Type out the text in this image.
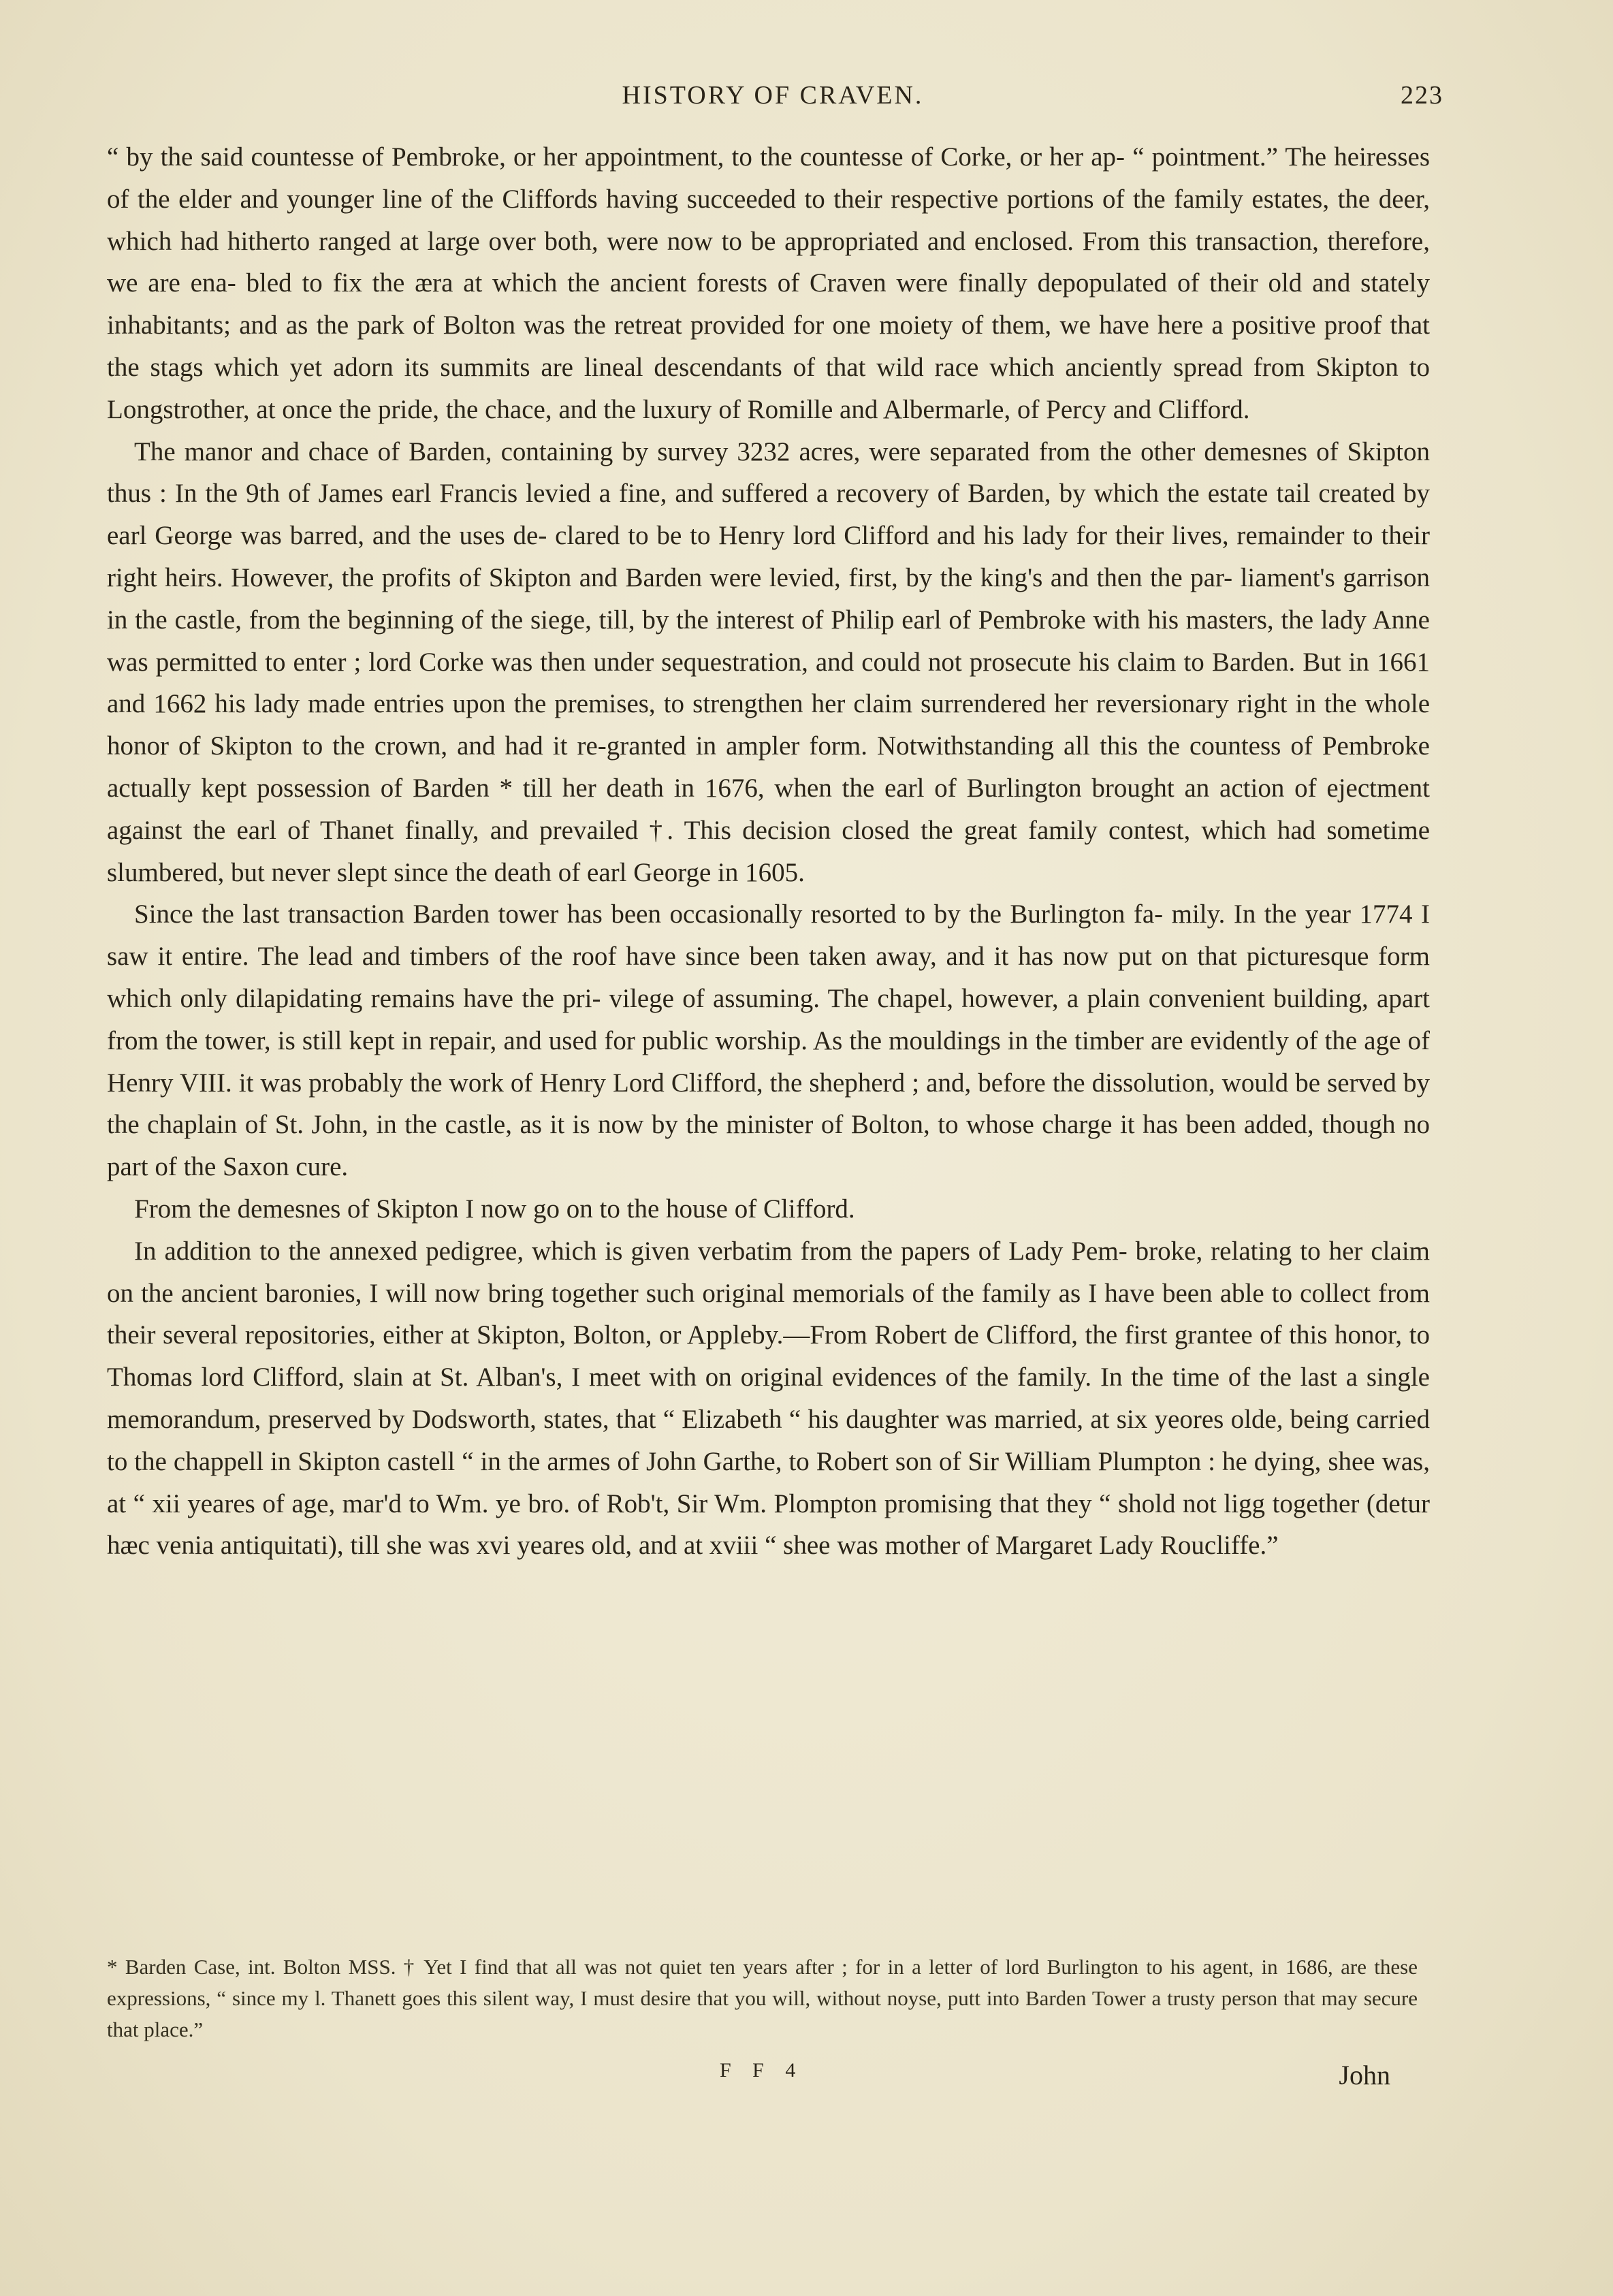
HISTORY OF CRAVEN.	223

“ by the said countesse of Pembroke, or her appointment, to the countesse of Corke, or her ap- “ pointment.” The heiresses of the elder and younger line of the Cliffords having succeeded to their respective portions of the family estates, the deer, which had hitherto ranged at large over both, were now to be appropriated and enclosed. From this transaction, therefore, we are ena- bled to fix the æra at which the ancient forests of Craven were finally depopulated of their old and stately inhabitants; and as the park of Bolton was the retreat provided for one moiety of them, we have here a positive proof that the stags which yet adorn its summits are lineal descendants of that wild race which anciently spread from Skipton to Longstrother, at once the pride, the chace, and the luxury of Romille and Albermarle, of Percy and Clifford.

The manor and chace of Barden, containing by survey 3232 acres, were separated from the other demesnes of Skipton thus : In the 9th of James earl Francis levied a fine, and suffered a recovery of Barden, by which the estate tail created by earl George was barred, and the uses de- clared to be to Henry lord Clifford and his lady for their lives, remainder to their right heirs. However, the profits of Skipton and Barden were levied, first, by the king's and then the par- liament's garrison in the castle, from the beginning of the siege, till, by the interest of Philip earl of Pembroke with his masters, the lady Anne was permitted to enter ; lord Corke was then under sequestration, and could not prosecute his claim to Barden. But in 1661 and 1662 his lady made entries upon the premises, to strengthen her claim surrendered her reversionary right in the whole honor of Skipton to the crown, and had it re-granted in ampler form. Notwithstanding all this the countess of Pembroke actually kept possession of Barden * till her death in 1676, when the earl of Burlington brought an action of ejectment against the earl of Thanet finally, and prevailed †. This decision closed the great family contest, which had sometime slumbered, but never slept since the death of earl George in 1605.

Since the last transaction Barden tower has been occasionally resorted to by the Burlington fa- mily. In the year 1774 I saw it entire. The lead and timbers of the roof have since been taken away, and it has now put on that picturesque form which only dilapidating remains have the pri- vilege of assuming. The chapel, however, a plain convenient building, apart from the tower, is still kept in repair, and used for public worship. As the mouldings in the timber are evidently of the age of Henry VIII. it was probably the work of Henry Lord Clifford, the shepherd ; and, before the dissolution, would be served by the chaplain of St. John, in the castle, as it is now by the minister of Bolton, to whose charge it has been added, though no part of the Saxon cure.

From the demesnes of Skipton I now go on to the house of Clifford.

In addition to the annexed pedigree, which is given verbatim from the papers of Lady Pem- broke, relating to her claim on the ancient baronies, I will now bring together such original memorials of the family as I have been able to collect from their several repositories, either at Skipton, Bolton, or Appleby.—From Robert de Clifford, the first grantee of this honor, to Thomas lord Clifford, slain at St. Alban's, I meet with on original evidences of the family. In the time of the last a single memorandum, preserved by Dodsworth, states, that “ Elizabeth “ his daughter was married, at six yeores olde, being carried to the chappell in Skipton castell “ in the armes of John Garthe, to Robert son of Sir William Plumpton : he dying, shee was, at “ xii yeares of age, mar'd to Wm. ye bro. of Rob't, Sir Wm. Plompton promising that they “ shold not ligg together (detur hæc venia antiquitati), till she was xvi yeares old, and at xviii “ shee was mother of Margaret Lady Roucliffe.”

* Barden Case, int. Bolton MSS. † Yet I find that all was not quiet ten years after ; for in a letter of lord Burlington to his agent, in 1686, are these expressions, “ since my l. Thanett goes this silent way, I must desire that you will, without noyse, putt into Barden Tower a trusty person that may secure that place.”

F F 4	John
